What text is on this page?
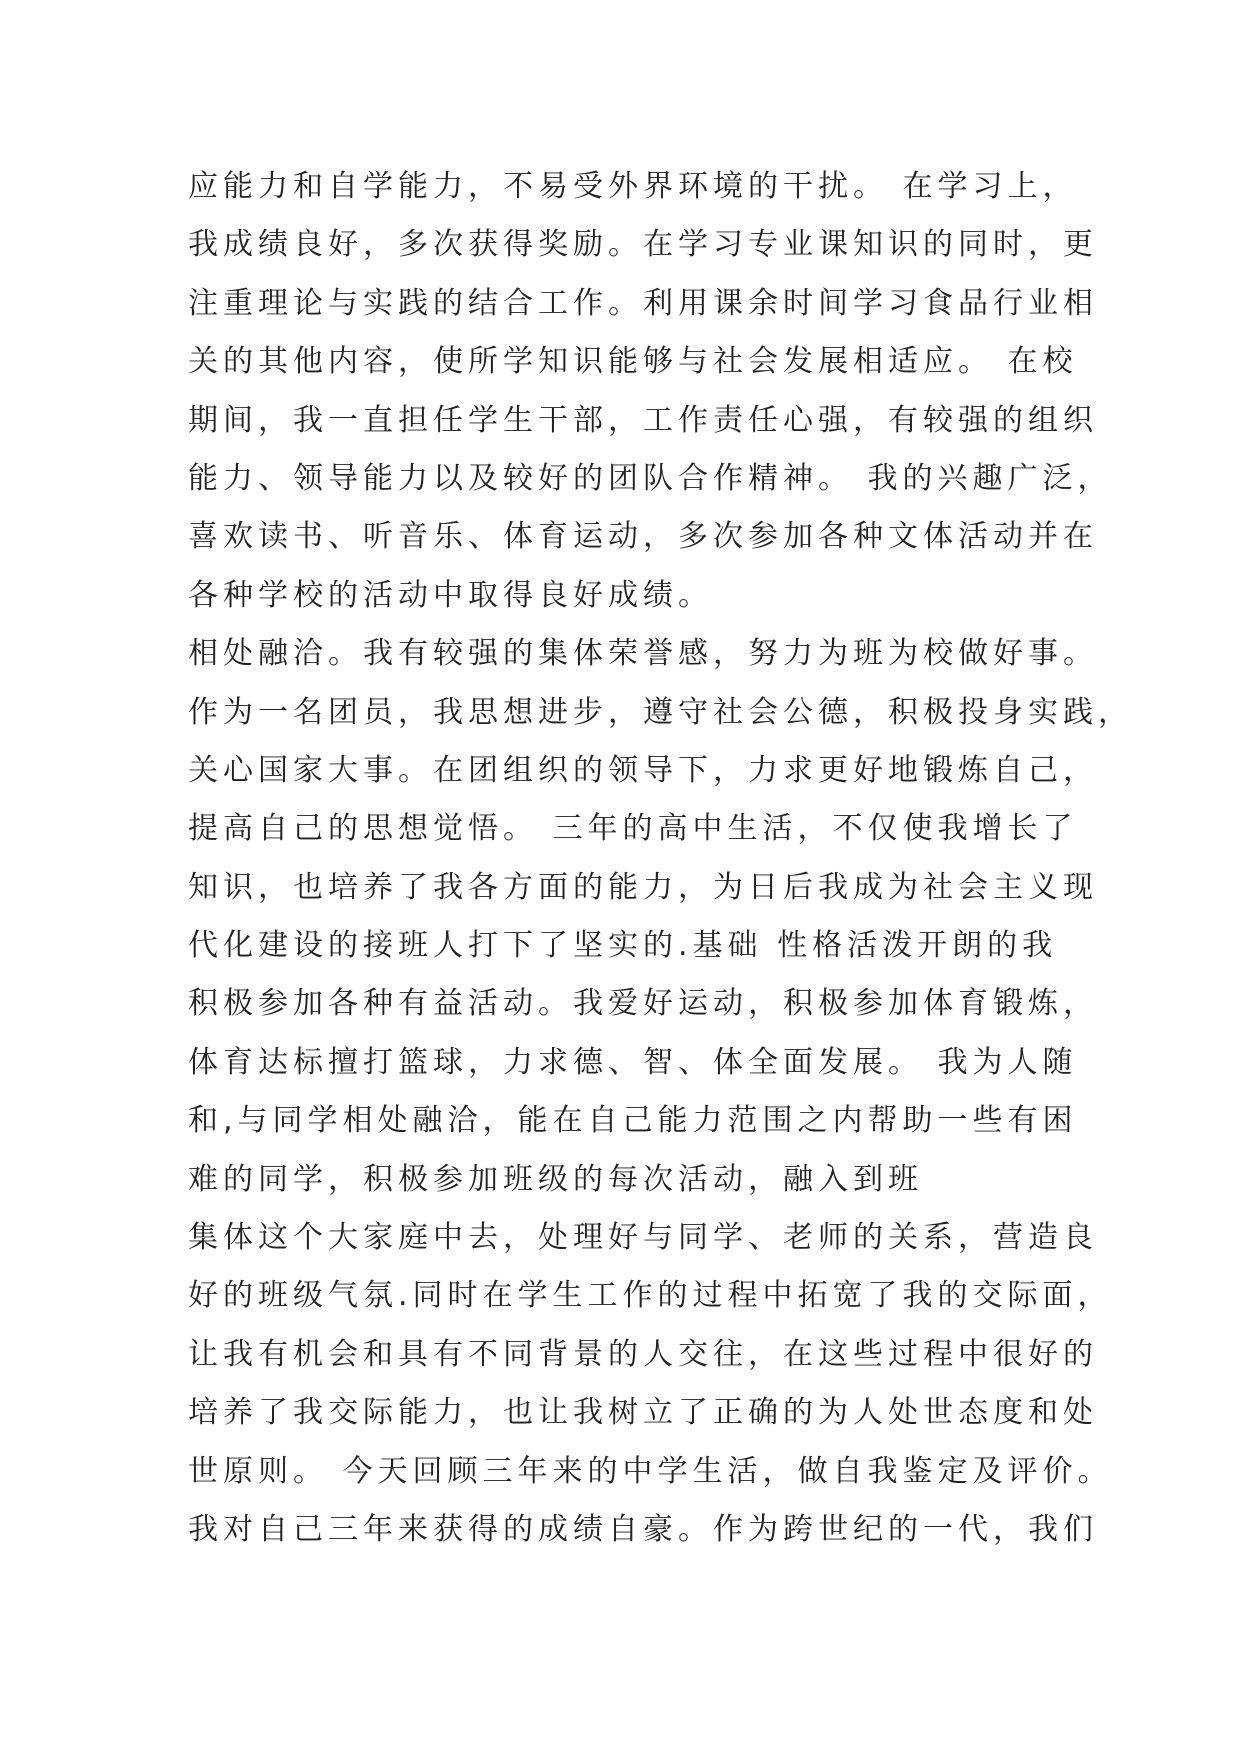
应能力和自学能力，不易受外界环境的干扰。 在学习上，
我成绩良好，多次获得奖励。在学习专业课知识的同时，更
注重理论与实践的结合工作。利用课余时间学习食品行业相
关的其他内容，使所学知识能够与社会发展相适应。 在校
期间，我一直担任学生干部，工作责任心强，有较强的组织
能力、领导能力以及较好的团队合作精神。 我的兴趣广泛，
喜欢读书、听音乐、体育运动，多次参加各种文体活动并在
各种学校的活动中取得良好成绩。
相处融洽。我有较强的集体荣誉感，努力为班为校做好事。
作为一名团员，我思想进步，遵守社会公德，积极投身实践，
关心国家大事。在团组织的领导下，力求更好地锻炼自己，
提高自己的思想觉悟。 三年的高中生活，不仅使我增长了
知识，也培养了我各方面的能力，为日后我成为社会主义现
代化建设的接班人打下了坚实的.基础 性格活泼开朗的我
积极参加各种有益活动。我爱好运动，积极参加体育锻炼，
体育达标擅打篮球，力求德、智、体全面发展。 我为人随
和,与同学相处融洽，能在自己能力范围之内帮助一些有困
难的同学，积极参加班级的每次活动，融入到班
集体这个大家庭中去，处理好与同学、老师的关系，营造良
好的班级气氛.同时在学生工作的过程中拓宽了我的交际面，
让我有机会和具有不同背景的人交往，在这些过程中很好的
培养了我交际能力，也让我树立了正确的为人处世态度和处
世原则。 今天回顾三年来的中学生活，做自我鉴定及评价。
我对自己三年来获得的成绩自豪。作为跨世纪的一代，我们
